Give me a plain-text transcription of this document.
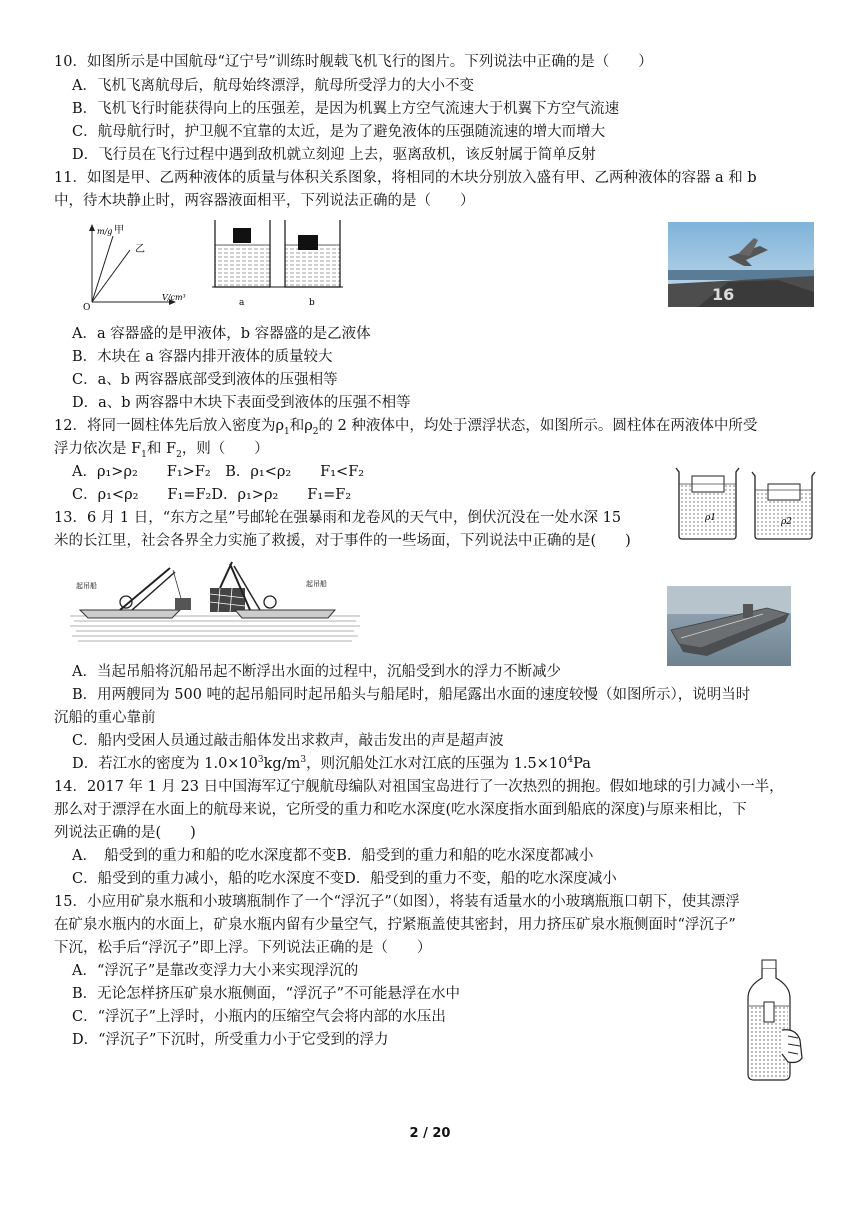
10．如图所示是中国航母“辽宁号”训练时舰载飞机飞行的图片。下列说法中正确的是（　　）
A．飞机飞离航母后，航母始终漂浮，航母所受浮力的大小不变
B．飞机飞行时能获得向上的压强差，是因为机翼上方空气流速大于机翼下方空气流速
C．航母航行时，护卫舰不宜靠的太近，是为了避免液体的压强随流速的增大而增大
D．飞行员在飞行过程中遇到敌机就立刻迎 上去，驱离敌机，该反射属于简单反射
11．如图是甲、乙两种液体的质量与体积关系图象，将相同的木块分别放入盛有甲、乙两种液体的容器 a 和 b
中，待木块静止时，两容器液面相平，下列说法正确的是（　　）
m/g 甲
乙
O
V/cm³
a	b	16
A．a 容器盛的是甲液体，b 容器盛的是乙液体
B．木块在 a 容器内排开液体的质量较大
C．a、b 两容器底部受到液体的压强相等
D．a、b 两容器中木块下表面受到液体的压强不相等
12．将同一圆柱体先后放入密度为$\rho_1$和$\rho_2$的 2 种液体中，均处于漂浮状态，如图所示。圆柱体在两液体中所受
浮力依次是 $F_1$和 $F_2$，则（　　）
A．ρ₁>ρ₂　　F₁>F₂　 B．ρ₁<ρ₂　　F₁<F₂
C．ρ₁<ρ₂　　F₁=F₂D．ρ₁>ρ₂　　F₁=F₂
ρ1	ρ2
13．6 月 1 日，“东方之星”号邮轮在强暴雨和龙卷风的天气中，倒伏沉没在一处水深 15
米的长江里，社会各界全力实施了救援，对于事件的一些场面，下列说法中正确的是(　　)
起吊船	起吊船
A．当起吊船将沉船吊起不断浮出水面的过程中，沉船受到水的浮力不断减少
B．用两艘同为 500 吨的起吊船同时起吊船头与船尾时，船尾露出水面的速度较慢（如图所示），说明当时
沉船的重心靠前
C．船内受困人员通过敲击船体发出求救声，敲击发出的声是超声波
D．若江水的密度为 $1.0\times 10^3kg/m^3$，则沉船处江水对江底的压强为 $1.5\times 10^4Pa$
14．2017 年 1 月 23 日中国海军辽宁舰航母编队对祖国宝岛进行了一次热烈的拥抱。假如地球的引力减小一半，
那么对于漂浮在水面上的航母来说，它所受的重力和吃水深度(吃水深度指水面到船底的深度)与原来相比，下
列说法正确的是(　　)
A．　船受到的重力和船的吃水深度都不变B．船受到的重力和船的吃水深度都减小
C．船受到的重力减小，船的吃水深度不变D．船受到的重力不变，船的吃水深度减小
15．小应用矿泉水瓶和小玻璃瓶制作了一个“浮沉子”（如图），将装有适量水的小玻璃瓶瓶口朝下，使其漂浮
在矿泉水瓶内的水面上，矿泉水瓶内留有少量空气，拧紧瓶盖使其密封，用力挤压矿泉水瓶侧面时“浮沉子”
下沉，松手后“浮沉子”即上浮。下列说法正确的是（　　）
A．“浮沉子”是靠改变浮力大小来实现浮沉的
B．无论怎样挤压矿泉水瓶侧面，“浮沉子”不可能悬浮在水中
C．“浮沉子”上浮时，小瓶内的压缩空气会将内部的水压出
D．“浮沉子”下沉时，所受重力小于它受到的浮力
2 / 20
